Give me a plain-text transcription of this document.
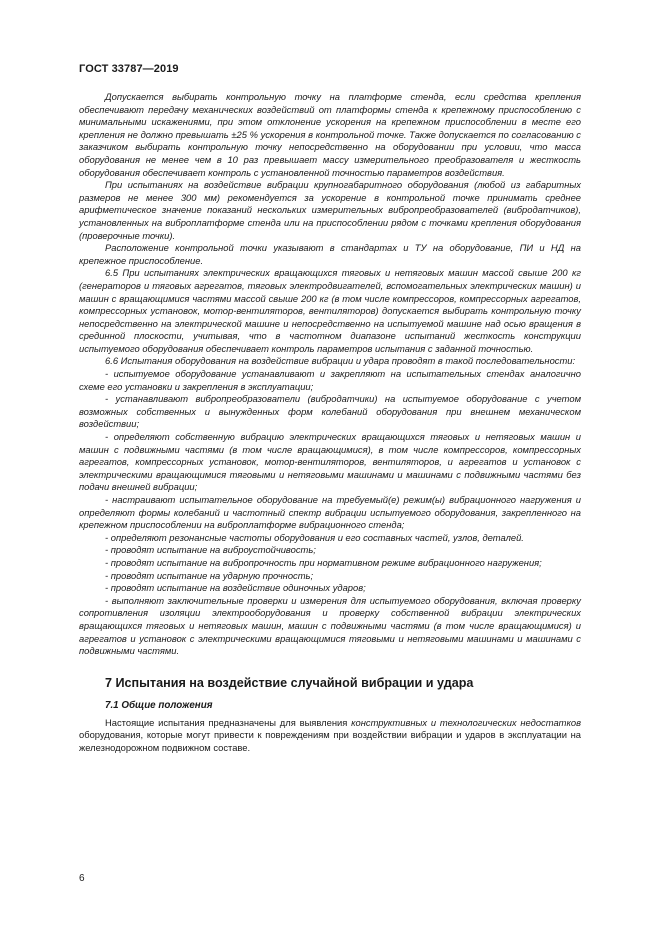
ГОСТ 33787—2019

Допускается выбирать контрольную точку на платформе стенда, если средства крепления обеспечивают передачу механических воздействий от платформы стенда к крепежному приспособлению с минимальными искажениями, при этом отклонение ускорения на крепежном приспособлении в месте его крепления не должно превышать ±25 % ускорения в контрольной точке. Также допускается по согласованию с заказчиком выбирать контрольную точку непосредственно на оборудовании при условии, что масса оборудования не менее чем в 10 раз превышает массу измерительного преобразователя и жесткость оборудования обеспечивает контроль с установленной точностью параметров воздействия.

При испытаниях на воздействие вибрации крупногабаритного оборудования (любой из габаритных размеров не менее 300 мм) рекомендуется за ускорение в контрольной точке принимать среднее арифметическое значение показаний нескольких измерительных вибропреобразователей (вибродатчиков), установленных на виброплатформе стенда или на приспособлении рядом с точками крепления оборудования (проверочные точки).

Расположение контрольной точки указывают в стандартах и ТУ на оборудование, ПИ и НД на крепежное приспособление.

6.5 При испытаниях электрических вращающихся тяговых и нетяговых машин массой свыше 200 кг (генераторов и тяговых агрегатов, тяговых электродвигателей, вспомогательных электрических машин) и машин с вращающимися частями массой свыше 200 кг (в том числе компрессоров, компрессорных агрегатов, компрессорных установок, мотор-вентиляторов, вентиляторов) допускается выбирать контрольную точку непосредственно на электрической машине и непосредственно на испытуемой машине над осью вращения в срединной плоскости, учитывая, что в частотном диапазоне испытаний жесткость конструкции испытуемого оборудования обеспечивает контроль параметров испытания с заданной точностью.

6.6 Испытания оборудования на воздействие вибрации и удара проводят в такой последовательности:

- испытуемое оборудование устанавливают и закрепляют на испытательных стендах аналогично схеме его установки и закрепления в эксплуатации;

- устанавливают вибропреобразователи (вибродатчики) на испытуемое оборудование с учетом возможных собственных и вынужденных форм колебаний оборудования при внешнем механическом воздействии;

- определяют собственную вибрацию электрических вращающихся тяговых и нетяговых машин и машин с подвижными частями (в том числе вращающимися), в том числе компрессоров, компрессорных агрегатов, компрессорных установок, мотор-вентиляторов, вентиляторов, и агрегатов и установок с электрическими вращающимися тяговыми и нетяговыми машинами и машинами с подвижными частями без подачи внешней вибрации;

- настраивают испытательное оборудование на требуемый(е) режим(ы) вибрационного нагружения и определяют формы колебаний и частотный спектр вибрации испытуемого оборудования, закрепленного на крепежном приспособлении на виброплатформе вибрационного стенда;

- определяют резонансные частоты оборудования и его составных частей, узлов, деталей.

- проводят испытание на виброустойчивость;

- проводят испытание на вибропрочность при нормативном режиме вибрационного нагружения;

- проводят испытание на ударную прочность;

- проводят испытание на воздействие одиночных ударов;

- выполняют заключительные проверки и измерения для испытуемого оборудования, включая проверку сопротивления изоляции электрооборудования и проверку собственной вибрации электрических вращающихся тяговых и нетяговых машин, машин с подвижными частями (в том числе вращающимися) и агрегатов и установок с электрическими вращающимися тяговыми и нетяговыми машинами и машинами с подвижными частями.

7 Испытания на воздействие случайной вибрации и удара
7.1 Общие положения

Настоящие испытания предназначены для выявления конструктивных и технологических недостатков оборудования, которые могут привести к повреждениям при воздействии вибрации и ударов в эксплуатации на железнодорожном подвижном составе.

6
